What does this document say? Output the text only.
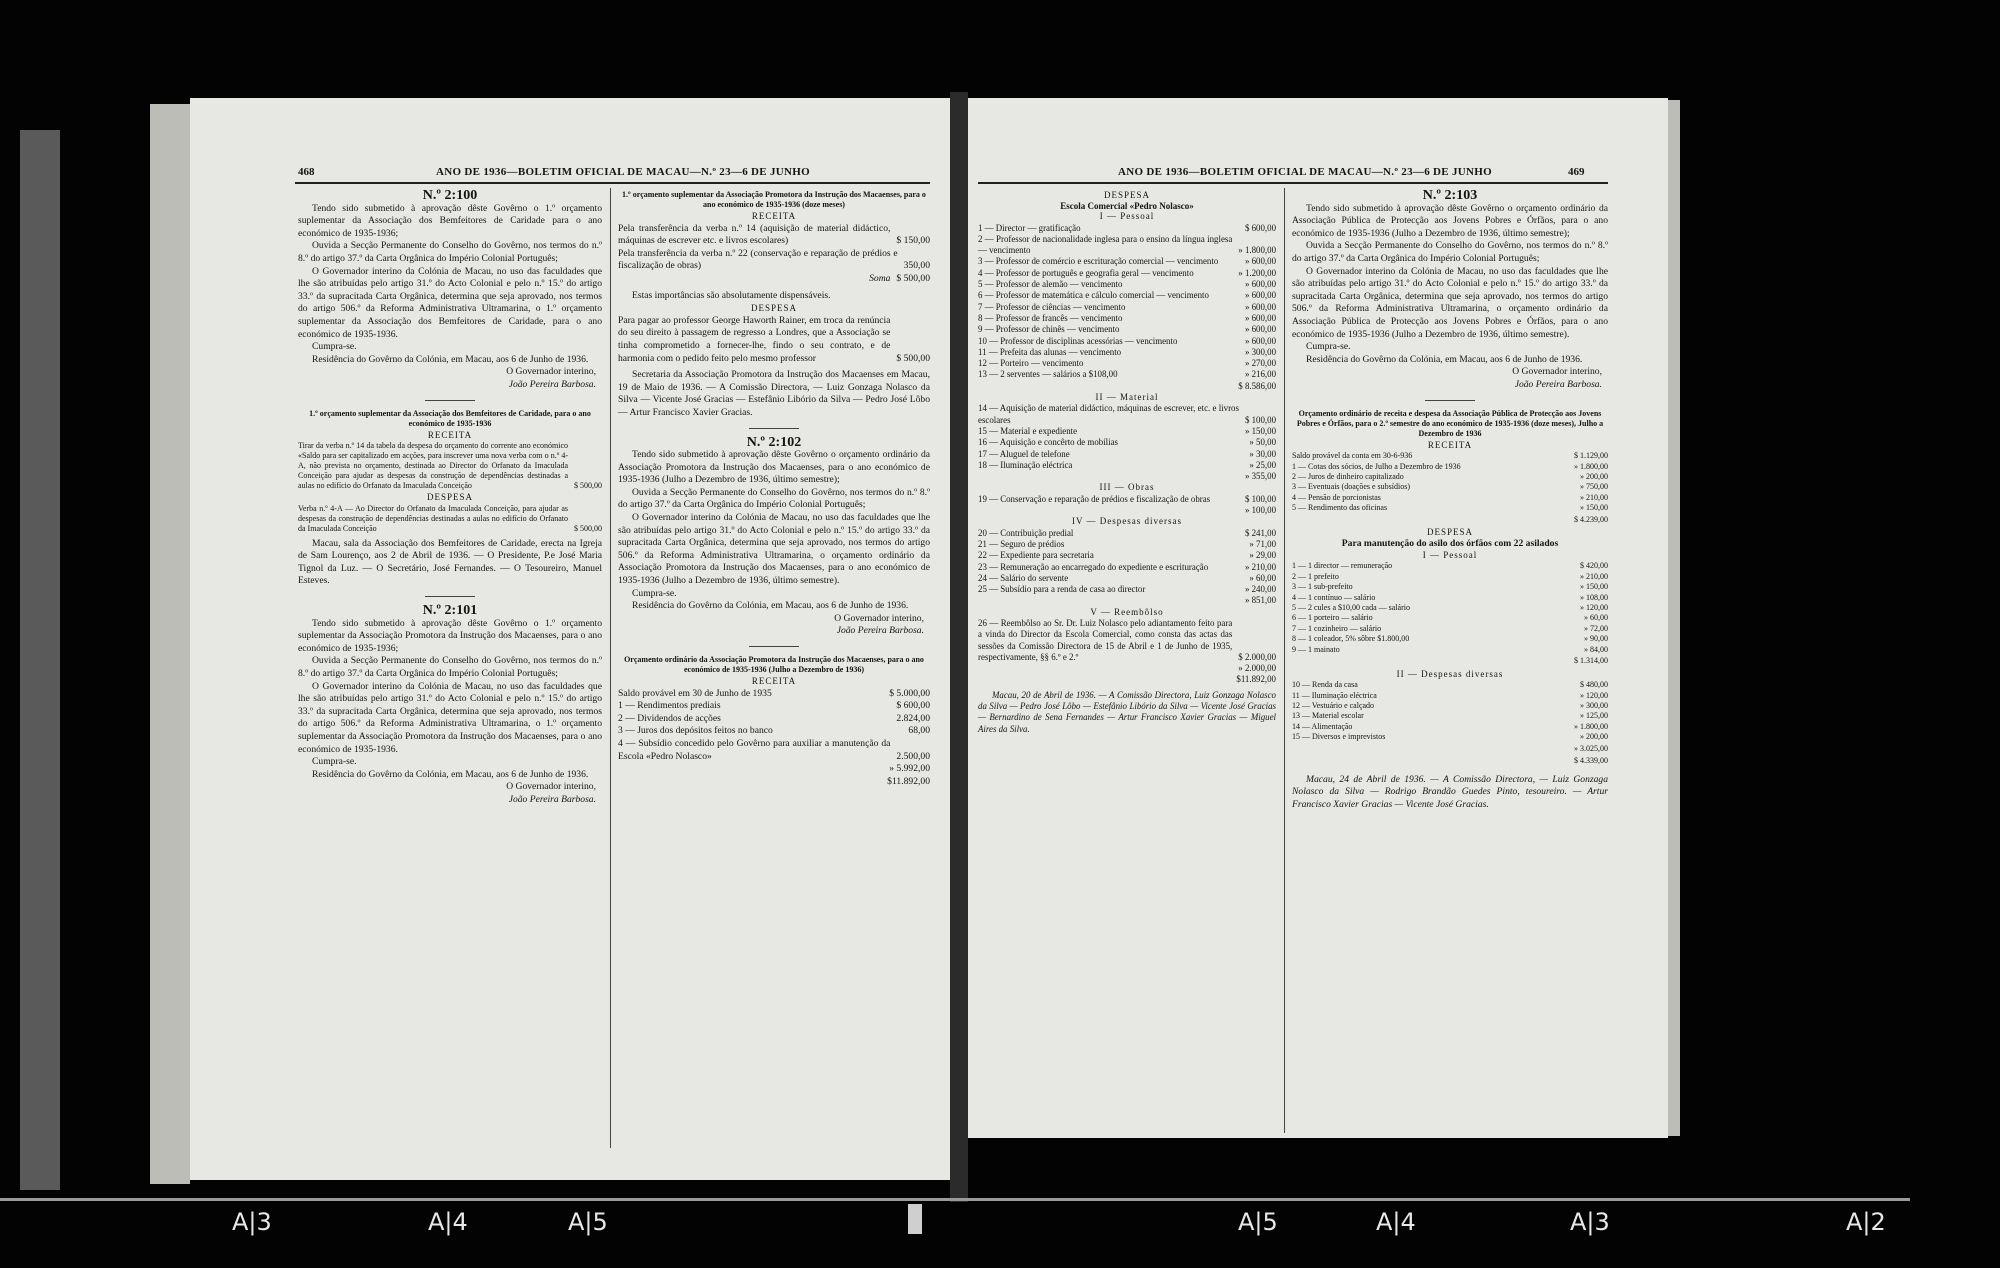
468	ANO DE 1936—BOLETIM OFICIAL DE MACAU—N.º 23—6 DE JUNHO

N.º 2:100

Tendo sido submetido à aprovação dêste Govêrno o 1.º orçamento suplementar da Associação dos Bemfeitores de Caridade para o ano económico de 1935-1936;

Ouvida a Secção Permanente do Conselho do Govêrno, nos termos do n.º 8.º do artigo 37.º da Carta Orgânica do Império Colonial Português;

O Governador interino da Colónia de Macau, no uso das faculdades que lhe são atribuídas pelo artigo 31.º do Acto Colonial e pelo n.º 15.º do artigo 33.º da supracitada Carta Orgânica, determina que seja aprovado, nos termos do artigo 506.º da Reforma Administrativa Ultramarina, o 1.º orçamento suplementar da Associação dos Bemfeitores de Caridade, para o ano económico de 1935-1936.

Cumpra-se.

Residência do Govêrno da Colónia, em Macau, aos 6 de Junho de 1936.

O Governador interino,
João Pereira Barbosa.

1.º orçamento suplementar da Associação dos Bemfeitores de Caridade, para o ano económico de 1935-1936

RECEITA

Tirar da verba n.º 14 da tabela da despesa do orçamento do corrente ano económico «Saldo para ser capitalizado em acções, para inscrever uma nova verba com o n.º 4-A, não prevista no orçamento, destinada ao Director do Orfanato da Imaculada Conceição para ajudar as despesas da construção de dependências destinadas a aulas no edifício do Orfanato da Imaculada Conceição	$ 500,00

DESPESA

Verba n.º 4-A — Ao Director do Orfanato da Imaculada Conceição, para ajudar as despesas da construção de dependências destinadas a aulas no edifício do Orfanato da Imaculada Conceição	$ 500,00

Macau, sala da Associação dos Bemfeitores de Caridade, erecta na Igreja de Sam Lourenço, aos 2 de Abril de 1936. — O Presidente, P.e José Maria Tignol da Luz. — O Secretário, José Fernandes. — O Tesoureiro, Manuel Esteves.

N.º 2:101

Tendo sido submetido à aprovação dêste Govêrno o 1.º orçamento suplementar da Associação Promotora da Instrução dos Macaenses, para o ano económico de 1935-1936;

Ouvida a Secção Permanente do Conselho do Govêrno, nos termos do n.º 8.º do artigo 37.º da Carta Orgânica do Império Colonial Português;

O Governador interino da Colónia de Macau, no uso das faculdades que lhe são atribuídas pelo artigo 31.º do Acto Colonial e pelo n.º 15.º do artigo 33.º da supracitada Carta Orgânica, determina que seja aprovado, nos termos do artigo 506.º da Reforma Administrativa Ultramarina, o 1.º orçamento suplementar da Associação Promotora da Instrução dos Macaenses, para o ano económico de 1935-1936.

Cumpra-se.

Residência do Govêrno da Colónia, em Macau, aos 6 de Junho de 1936.

O Governador interino,
João Pereira Barbosa.

1.º orçamento suplementar da Associação Promotora da Instrução dos Macaenses, para o ano económico de 1935-1936 (doze meses)

RECEITA

Pela transferência da verba n.º 14 (aquisição de material didáctico, máquinas de escrever etc. e livros escolares)	$ 150,00
Pela transferência da verba n.º 22 (conservação e reparação de prédios e fiscalização de obras)	350,00
Soma $ 500,00

Estas importâncias são absolutamente dispensáveis.

DESPESA

Para pagar ao professor George Haworth Rainer, em troca da renúncia do seu direito à passagem de regresso a Londres, que a Associação se tinha comprometido a fornecer-lhe, findo o seu contrato, e de harmonia com o pedido feito pelo mesmo professor	$ 500,00

Secretaria da Associação Promotora da Instrução dos Macaenses em Macau, 19 de Maio de 1936. — A Comissão Directora, — Luiz Gonzaga Nolasco da Silva — Vicente José Gracias — Estefânio Libório da Silva — Pedro José Lôbo — Artur Francisco Xavier Gracias.

N.º 2:102

Tendo sido submetido à aprovação dêste Govêrno o orçamento ordinário da Associação Promotora da Instrução dos Macaenses, para o ano económico de 1935-1936 (Julho a Dezembro de 1936, último semestre);

Ouvida a Secção Permanente do Conselho do Govêrno, nos termos do n.º 8.º do artigo 37.º da Carta Orgânica do Império Colonial Português;

O Governador interino da Colónia de Macau, no uso das faculdades que lhe são atribuídas pelo artigo 31.º do Acto Colonial e pelo n.º 15.º do artigo 33.º da supracitada Carta Orgânica, determina que seja aprovado, nos termos do artigo 506.º da Reforma Administrativa Ultramarina, o orçamento ordinário da Associação Promotora da Instrução dos Macaenses, para o ano económico de 1935-1936 (Julho a Dezembro de 1936, último semestre).

Cumpra-se.

Residência do Govêrno da Colónia, em Macau, aos 6 de Junho de 1936.

O Governador interino,
João Pereira Barbosa.

Orçamento ordinário da Associação Promotora da Instrução dos Macaenses, para o ano económico de 1935-1936 (Julho a Dezembro de 1936)

RECEITA

Saldo provável em 30 de Junho de 1935	$ 5.000,00
1 — Rendimentos prediais	$ 600,00
2 — Dividendos de acções	2.824,00
3 — Juros dos depósitos feitos no banco	68,00
4 — Subsídio concedido pelo Govêrno para auxiliar a manutenção da Escola «Pedro Nolasco»	2.500,00
» 5.992,00
$11.892,00
ANO DE 1936—BOLETIM OFICIAL DE MACAU—N.º 23—6 DE JUNHO	469

DESPESA

Escola Comercial «Pedro Nolasco»

I — Pessoal

1 — Director — gratificação	$ 600,00
2 — Professor de nacionalidade inglesa para o ensino da língua inglesa — vencimento	» 1.800,00
3 — Professor de comércio e escrituração comercial — vencimento	» 600,00
4 — Professor de português e geografia geral — vencimento	» 1.200,00
5 — Professor de alemão — vencimento	» 600,00
6 — Professor de matemática e cálculo comercial — vencimento	» 600,00
7 — Professor de ciências — vencimento	» 600,00
8 — Professor de francês — vencimento	» 600,00
9 — Professor de chinês — vencimento	» 600,00
10 — Professor de disciplinas acessórias — vencimento	» 600,00
11 — Prefeita das alunas — vencimento	» 300,00
12 — Porteiro — vencimento	» 270,00
13 — 2 serventes — salários a $108,00	» 216,00
$ 8.586,00

II — Material

14 — Aquisição de material didáctico, máquinas de escrever, etc. e livros escolares	$ 100,00
15 — Material e expediente	» 150,00
16 — Aquisição e concêrto de mobílias	» 50,00
17 — Aluguel de telefone	» 30,00
18 — Iluminação eléctrica	» 25,00
» 355,00

III — Obras

19 — Conservação e reparação de prédios e fiscalização de obras	$ 100,00
» 100,00

IV — Despesas diversas

20 — Contribuição predial	$ 241,00
21 — Seguro de prédios	» 71,00
22 — Expediente para secretaria	» 29,00
23 — Remuneração ao encarregado do expediente e escrituração	» 210,00
24 — Salário do servente	» 60,00
25 — Subsídio para a renda de casa ao director	» 240,00
» 851,00

V — Reembôlso

26 — Reembôlso ao Sr. Dr. Luiz Nolasco pelo adiantamento feito para a vinda do Director da Escola Comercial, como consta das actas das sessões da Comissão Directora de 15 de Abril e 1 de Junho de 1935, respectivamente, §§ 6.º e 2.º	$ 2.000,00
» 2.000,00
$11.892,00

Macau, 20 de Abril de 1936. — A Comissão Directora, Luiz Gonzaga Nolasco da Silva — Pedro José Lôbo — Estefânio Libório da Silva — Vicente José Gracias — Bernardino de Sena Fernandes — Artur Francisco Xavier Gracias — Miguel Aires da Silva.

N.º 2:103

Tendo sido submetido à aprovação dêste Govêrno o orçamento ordinário da Associação Pública de Protecção aos Jovens Pobres e Órfãos, para o ano económico de 1935-1936 (Julho a Dezembro de 1936, último semestre);

Ouvida a Secção Permanente do Conselho do Govêrno, nos termos do n.º 8.º do artigo 37.º da Carta Orgânica do Império Colonial Português;

O Governador interino da Colónia de Macau, no uso das faculdades que lhe são atribuídas pelo artigo 31.º do Acto Colonial e pelo n.º 15.º do artigo 33.º da supracitada Carta Orgânica, determina que seja aprovado, nos termos do artigo 506.º da Reforma Administrativa Ultramarina, o orçamento ordinário da Associação Pública de Protecção aos Jovens Pobres e Órfãos, para o ano económico de 1935-1936 (Julho a Dezembro de 1936, último semestre).

Cumpra-se.

Residência do Govêrno da Colónia, em Macau, aos 6 de Junho de 1936.

O Governador interino,
João Pereira Barbosa.

Orçamento ordinário de receita e despesa da Associação Pública de Protecção aos Jovens Pobres e Órfãos, para o 2.º semestre do ano económico de 1935-1936 (doze meses), Julho a Dezembro de 1936

RECEITA

Saldo provável da conta em 30-6-936	$ 1.129,00
1 — Cotas dos sócios, de Julho a Dezembro de 1936	» 1.800,00
2 — Juros de dinheiro capitalizado	» 200,00
3 — Eventuais (doações e subsídios)	» 750,00
4 — Pensão de porcionistas	» 210,00
5 — Rendimento das oficinas	» 150,00
$ 4.239,00

DESPESA

Para manutenção do asilo dos órfãos com 22 asilados

I — Pessoal

1 — 1 director — remuneração	$ 420,00
2 — 1 prefeito	» 210,00
3 — 1 sub-prefeito	» 150,00
4 — 1 contínuo — salário	» 108,00
5 — 2 cules a $10,00 cada — salário	» 120,00
6 — 1 porteiro — salário	» 60,00
7 — 1 cozinheiro — salário	» 72,00
8 — 1 coleador, 5% sôbre $1.800,00	» 90,00
9 — 1 mainato	» 84,00
$ 1.314,00

II — Despesas diversas

10 — Renda da casa	$ 480,00
11 — Iluminação eléctrica	» 120,00
12 — Vestuário e calçado	» 300,00
13 — Material escolar	» 125,00
14 — Alimentação	» 1.800,00
15 — Diversos e imprevistos	» 200,00
» 3.025,00
$ 4.339,00

Macau, 24 de Abril de 1936. — A Comissão Directora, — Luiz Gonzaga Nolasco da Silva — Rodrigo Brandão Guedes Pinto, tesoureiro. — Artur Francisco Xavier Gracias — Vicente José Gracias.

A|3	A|4	A|5	A|5	A|4	A|3	A|2
